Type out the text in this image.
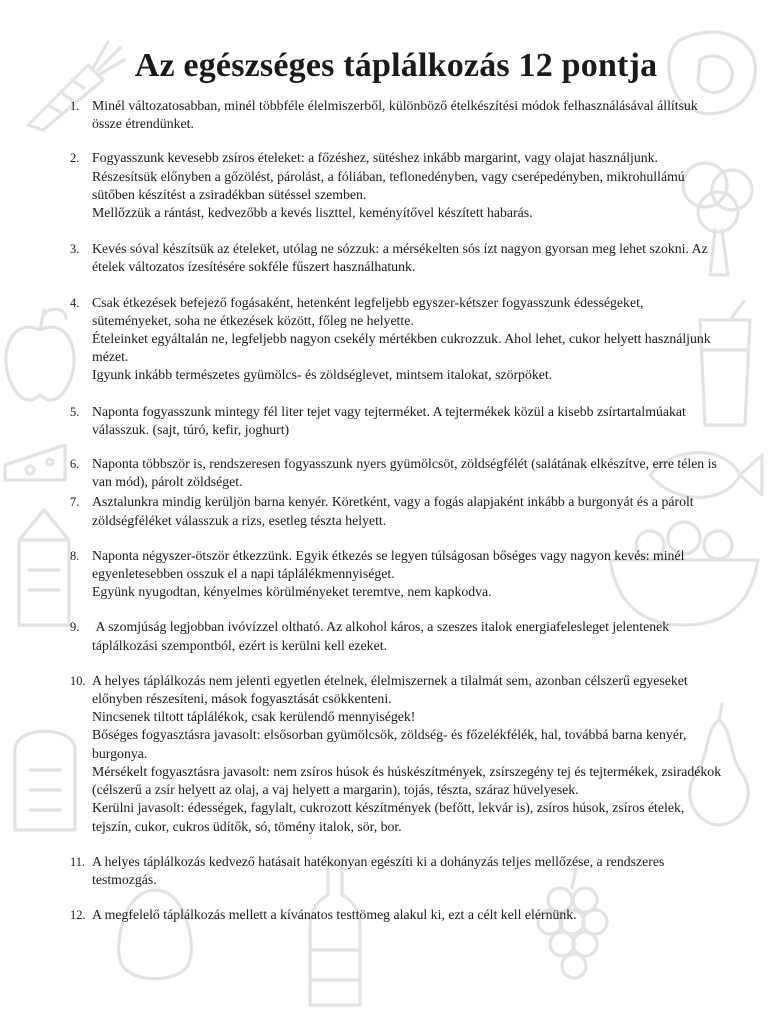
Az egészséges táplálkozás 12 pontja
1. Minél változatosabban, minél többféle élelmiszerből, különböző ételkészítési módok felhasználásával állítsuk össze étrendünket.
2. Fogyasszunk kevesebb zsíros ételeket: a főzéshez, sütéshez inkább margarint, vagy olajat használjunk.
Részesítsük előnyben a gőzölést, párolást, a fóliában, teflonedényben, vagy cserépedényben, mikrohullámú sütőben készítést a zsiradékban sütéssel szemben.
Mellőzzük a rántást, kedvezőbb a kevés liszttel, keményítővel készített habarás.
3. Kevés sóval készítsük az ételeket, utólag ne sózzuk: a mérsékelten sós ízt nagyon gyorsan meg lehet szokni. Az ételek változatos ízesítésére sokféle fűszert használhatunk.
4. Csak étkezések befejező fogásaként, hetenként legfeljebb egyszer-kétszer fogyasszunk édességeket, süteményeket, soha ne étkezések között, főleg ne helyette.
Ételeinket egyáltalán ne, legfeljebb nagyon csekély mértékben cukrozzuk. Ahol lehet, cukor helyett használjunk mézet.
Igyunk inkább természetes gyümölcs- és zöldséglevet, mintsem italokat, szörpöket.
5. Naponta fogyasszunk mintegy fél liter tejet vagy tejterméket. A tejtermékek közül a kisebb zsírtartalmúakat válasszuk. (sajt, túró, kefir, joghurt)
6. Naponta többször is, rendszeresen fogyasszunk nyers gyümölcsöt, zöldségfélét (salátának elkészítve, erre télen is van mód), párolt zöldséget.
7. Asztalunkra mindig kerüljön barna kenyér. Köretként, vagy a fogás alapjaként inkább a burgonyát és a párolt zöldségféléket válasszuk a rizs, esetleg tészta helyett.
8. Naponta négyszer-ötször étkezzünk. Egyik étkezés se legyen túlságosan bőséges vagy nagyon kevés: minél egyenletesebben osszuk el a napi táplálékmennyiséget.
Együnk nyugodtan, kényelmes körülményeket teremtve, nem kapkodva.
9. A szomjúság legjobban ivóvízzel oltható. Az alkohol káros, a szeszes italok energiafelesleget jelentenek táplálkozási szempontból, ezért is kerülni kell ezeket.
10. A helyes táplálkozás nem jelenti egyetlen ételnek, élelmiszernek a tilalmát sem, azonban célszerű egyeseket előnyben részesíteni, mások fogyasztását csökkenteni.
Nincsenek tiltott táplálékok, csak kerülendő mennyiségek!
Bőséges fogyasztásra javasolt: elsősorban gyümölcsök, zöldség- és főzelékfélék, hal, továbbá barna kenyér, burgonya.
Mérsékelt fogyasztásra javasolt: nem zsíros húsok és húskészítmények, zsírszegény tej és tejtermékek, zsiradékok (célszerű a zsír helyett az olaj, a vaj helyett a margarin), tojás, tészta, száraz hüvelyesek.
Kerülni javasolt: édességek, fagylalt, cukrozott készítmények (befőtt, lekvár is), zsíros húsok, zsíros ételek, tejszín, cukor, cukros üdítők, só, tömény italok, sör, bor.
11. A helyes táplálkozás kedvező hatásait hatékonyan egészíti ki a dohányzás teljes mellőzése, a rendszeres testmozgás.
12. A megfelelő táplálkozás mellett a kívánatos testtömeg alakul ki, ezt a célt kell elérnünk.
